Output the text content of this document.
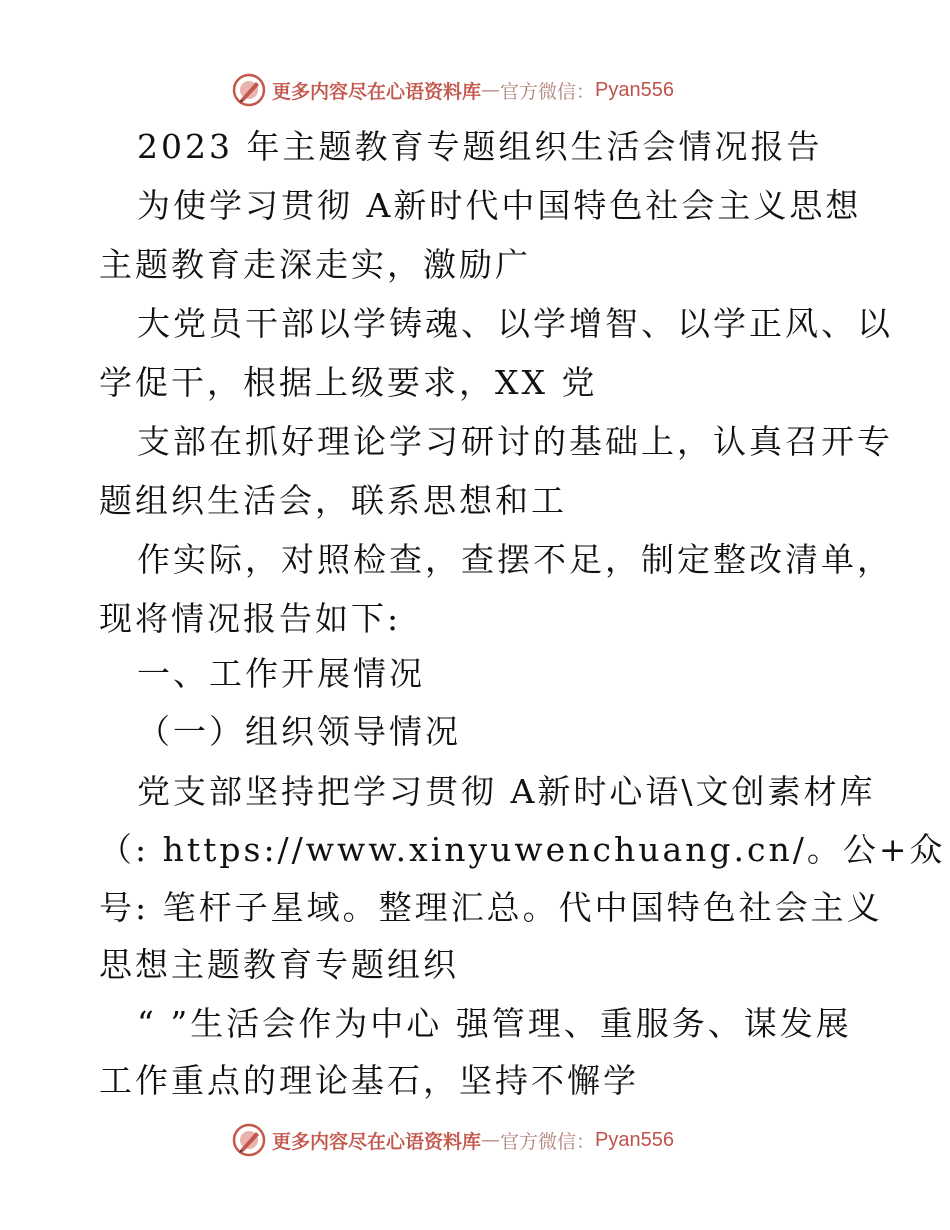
更多内容尽在心语资料库 — 官方微信： Pyan556
2023 年主题教育专题组织生活会情况报告
为使学习贯彻 A新时代中国特色社会主义思想
主题教育走深走实，激励广
大党员干部以学铸魂、以学增智、以学正风、以
学促干，根据上级要求，XX 党
支部在抓好理论学习研讨的基础上，认真召开专
题组织生活会，联系思想和工
作实际，对照检查，查摆不足，制定整改清单，
现将情况报告如下:
一、工作开展情况
（一）组织领导情况
党支部坚持把学习贯彻 A新时心语\文创素材库
（: https://www.xinyuwenchuang.cn/。公+众
号: 笔杆子星域。整理汇总。代中国特色社会主义
思想主题教育专题组织
“ ”生活会作为中心 强管理、重服务、谋发展
工作重点的理论基石，坚持不懈学
更多内容尽在心语资料库 — 官方微信： Pyan556
